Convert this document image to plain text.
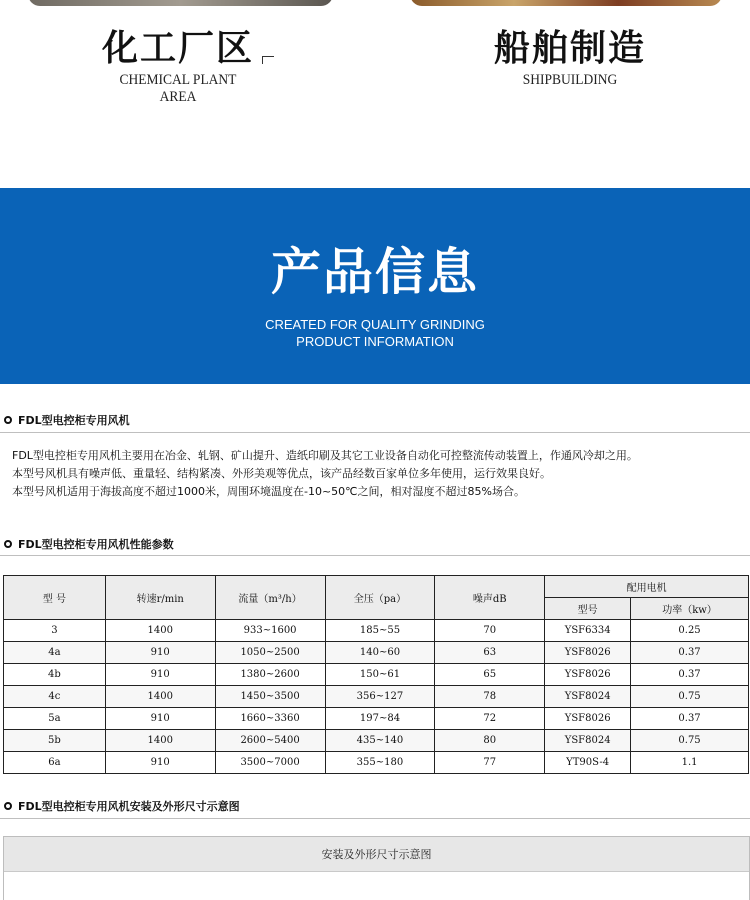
化工厂区
CHEMICAL PLANT AREA
船舶制造
SHIPBUILDING
产品信息
CREATED FOR QUALITY GRINDING
PRODUCT INFORMATION
FDL型电控柜专用风机
FDL型电控柜专用风机主要用在冶金、轧钢、矿山提升、造纸印刷及其它工业设备自动化可控整流传动装置上，作通风冷却之用。
本型号风机具有噪声低、重量轻、结构紧凑、外形美观等优点，该产品经数百家单位多年使用，运行效果良好。
本型号风机适用于海拔高度不超过1000米，周围环境温度在-10~50℃之间，相对湿度不超过85%场合。
FDL型电控柜专用风机性能参数
型 号	转速r/min	流量（m³/h）	全压（pa）	噪声dB	配用电机	
					型号	功率（kw）
3	1400	933~1600	185~55	70	YSF6334	0.25
4a	910	1050~2500	140~60	63	YSF8026	0.37
4b	910	1380~2600	150~61	65	YSF8026	0.37
4c	1400	1450~3500	356~127	78	YSF8024	0.75
5a	910	1660~3360	197~84	72	YSF8026	0.37
5b	1400	2600~5400	435~140	80	YSF8024	0.75
6a	910	3500~7000	355~180	77	YT90S-4	1.1
FDL型电控柜专用风机安装及外形尺寸示意图
安装及外形尺寸示意图
